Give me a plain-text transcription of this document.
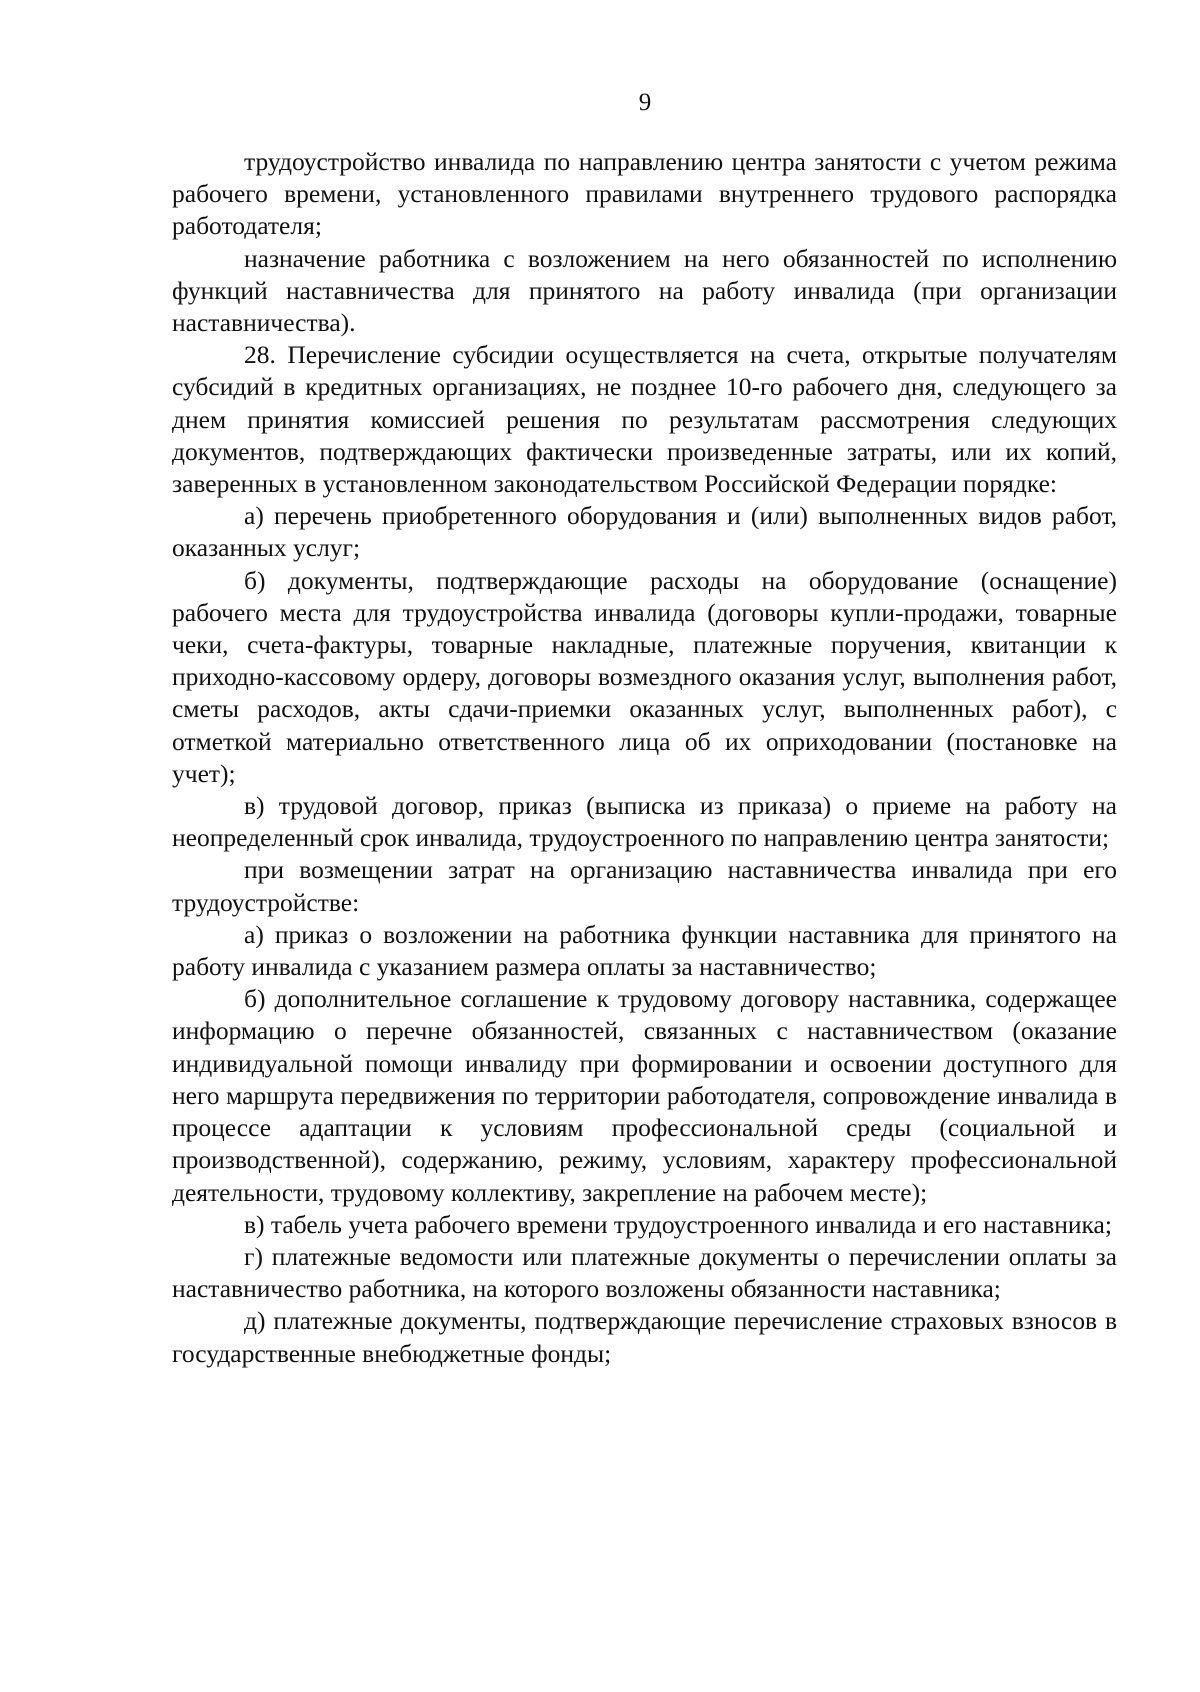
9

трудоустройство инвалида по направлению центра занятости с учетом режима рабочего времени, установленного правилами внутреннего трудового распорядка работодателя;

назначение работника с возложением на него обязанностей по исполнению функций наставничества для принятого на работу инвалида (при организации наставничества).

28. Перечисление субсидии осуществляется на счета, открытые получателям субсидий в кредитных организациях, не позднее 10-го рабочего дня, следующего за днем принятия комиссией решения по результатам рассмотрения следующих документов, подтверждающих фактически произведенные затраты, или их копий, заверенных в установленном законодательством Российской Федерации порядке:

а) перечень приобретенного оборудования и (или) выполненных видов работ, оказанных услуг;

б) документы, подтверждающие расходы на оборудование (оснащение) рабочего места для трудоустройства инвалида (договоры купли-продажи, товарные чеки, счета-фактуры, товарные накладные, платежные поручения, квитанции к приходно-кассовому ордеру, договоры возмездного оказания услуг, выполнения работ, сметы расходов, акты сдачи-приемки оказанных услуг, выполненных работ), с отметкой материально ответственного лица об их оприходовании (постановке на учет);

в) трудовой договор, приказ (выписка из приказа) о приеме на работу на неопределенный срок инвалида, трудоустроенного по направлению центра занятости;

при возмещении затрат на организацию наставничества инвалида при его трудоустройстве:

а) приказ о возложении на работника функции наставника для принятого на работу инвалида с указанием размера оплаты за наставничество;

б) дополнительное соглашение к трудовому договору наставника, содержащее информацию о перечне обязанностей, связанных с наставничеством (оказание индивидуальной помощи инвалиду при формировании и освоении доступного для него маршрута передвижения по территории работодателя, сопровождение инвалида в процессе адаптации к условиям профессиональной среды (социальной и производственной), содержанию, режиму, условиям, характеру профессиональной деятельности, трудовому коллективу, закрепление на рабочем месте);

в) табель учета рабочего времени трудоустроенного инвалида и его наставника;

г) платежные ведомости или платежные документы о перечислении оплаты за наставничество работника, на которого возложены обязанности наставника;

д) платежные документы, подтверждающие перечисление страховых взносов в государственные внебюджетные фонды;
